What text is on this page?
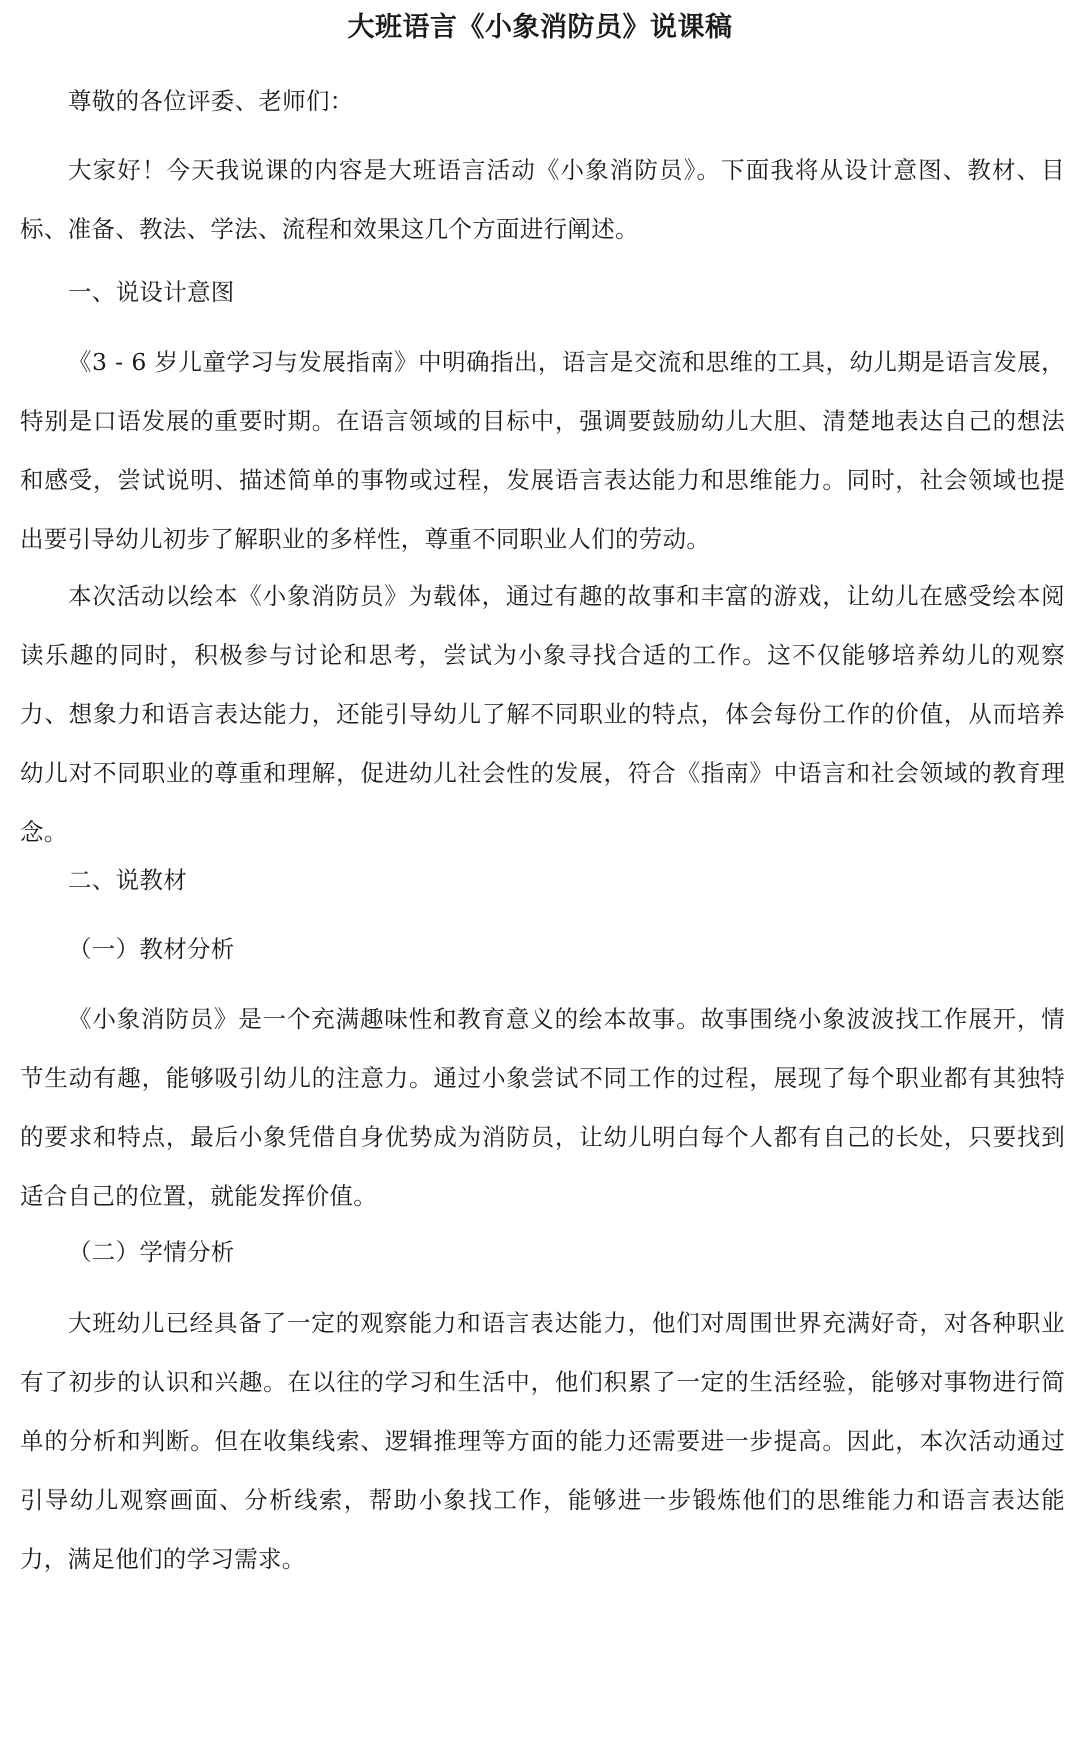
大班语言《小象消防员》说课稿

尊敬的各位评委、老师们：

大家好！今天我说课的内容是大班语言活动《小象消防员》。下面我将从设计意图、教材、目标、准备、教法、学法、流程和效果这几个方面进行阐述。

一、说设计意图

《3 - 6 岁儿童学习与发展指南》中明确指出，语言是交流和思维的工具，幼儿期是语言发展，特别是口语发展的重要时期。在语言领域的目标中，强调要鼓励幼儿大胆、清楚地表达自己的想法和感受，尝试说明、描述简单的事物或过程，发展语言表达能力和思维能力。同时，社会领域也提出要引导幼儿初步了解职业的多样性，尊重不同职业人们的劳动。

本次活动以绘本《小象消防员》为载体，通过有趣的故事和丰富的游戏，让幼儿在感受绘本阅读乐趣的同时，积极参与讨论和思考，尝试为小象寻找合适的工作。这不仅能够培养幼儿的观察力、想象力和语言表达能力，还能引导幼儿了解不同职业的特点，体会每份工作的价值，从而培养幼儿对不同职业的尊重和理解，促进幼儿社会性的发展，符合《指南》中语言和社会领域的教育理念。

二、说教材

（一）教材分析

《小象消防员》是一个充满趣味性和教育意义的绘本故事。故事围绕小象波波找工作展开，情节生动有趣，能够吸引幼儿的注意力。通过小象尝试不同工作的过程，展现了每个职业都有其独特的要求和特点，最后小象凭借自身优势成为消防员，让幼儿明白每个人都有自己的长处，只要找到适合自己的位置，就能发挥价值。

（二）学情分析

大班幼儿已经具备了一定的观察能力和语言表达能力，他们对周围世界充满好奇，对各种职业有了初步的认识和兴趣。在以往的学习和生活中，他们积累了一定的生活经验，能够对事物进行简单的分析和判断。但在收集线索、逻辑推理等方面的能力还需要进一步提高。因此，本次活动通过引导幼儿观察画面、分析线索，帮助小象找工作，能够进一步锻炼他们的思维能力和语言表达能力，满足他们的学习需求。
